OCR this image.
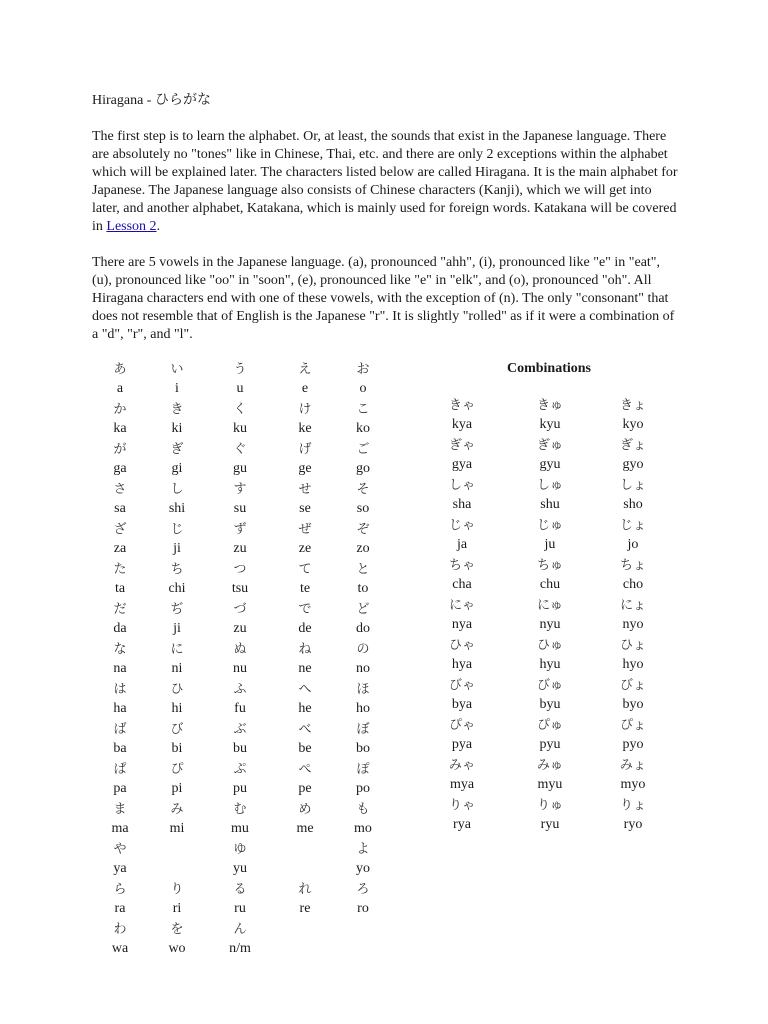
Hiragana - ひらがな

The first step is to learn the alphabet. Or, at least, the sounds that exist in the Japanese language. There are absolutely no "tones" like in Chinese, Thai, etc. and there are only 2 exceptions within the alphabet which will be explained later. The characters listed below are called Hiragana. It is the main alphabet for Japanese. The Japanese language also consists of Chinese characters (Kanji), which we will get into later, and another alphabet, Katakana, which is mainly used for foreign words. Katakana will be covered in Lesson 2.

There are 5 vowels in the Japanese language. (a), pronounced "ahh", (i), pronounced like "e" in "eat", (u), pronounced like "oo" in "soon", (e), pronounced like "e" in "elk", and (o), pronounced "oh". All Hiragana characters end with one of these vowels, with the exception of (n). The only "consonant" that does not resemble that of English is the Japanese "r". It is slightly "rolled" as if it were a combination of a "d", "r", and "l".

あ
a
い
i
う
u
え
e
お
o
か
ka
き
ki
く
ku
け
ke
こ
ko
が
ga
ぎ
gi
ぐ
gu
げ
ge
ご
go
さ
sa
し
shi
す
su
せ
se
そ
so
ざ
za
じ
ji
ず
zu
ぜ
ze
ぞ
zo
た
ta
ち
chi
つ
tsu
て
te
と
to
だ
da
ぢ
ji
づ
zu
で
de
ど
do
な
na
に
ni
ぬ
nu
ね
ne
の
no
は
ha
ひ
hi
ふ
fu
へ
he
ほ
ho
ば
ba
び
bi
ぶ
bu
べ
be
ぼ
bo
ぱ
pa
ぴ
pi
ぷ
pu
ぺ
pe
ぽ
po
ま
ma
み
mi
む
mu
め
me
も
mo
や
ya
ゆ
yu
よ
yo
ら
ra
り
ri
る
ru
れ
re
ろ
ro
わ
wa
を
wo
ん
n/m
Combinations
きゃ
kya
きゅ
kyu
きょ
kyo
ぎゃ
gya
ぎゅ
gyu
ぎょ
gyo
しゃ
sha
しゅ
shu
しょ
sho
じゃ
ja
じゅ
ju
じょ
jo
ちゃ
cha
ちゅ
chu
ちょ
cho
にゃ
nya
にゅ
nyu
にょ
nyo
ひゃ
hya
ひゅ
hyu
ひょ
hyo
びゃ
bya
びゅ
byu
びょ
byo
ぴゃ
pya
ぴゅ
pyu
ぴょ
pyo
みゃ
mya
みゅ
myu
みょ
myo
りゃ
rya
りゅ
ryu
りょ
ryo
